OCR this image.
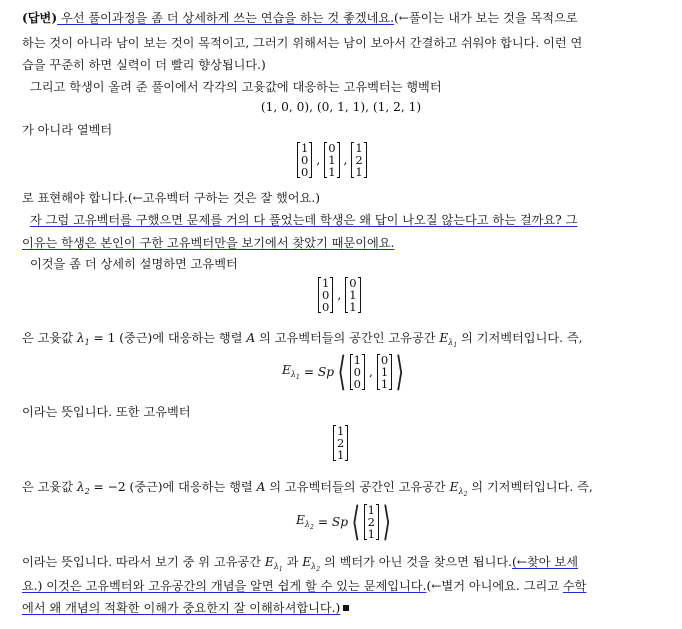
(답변) 우선 풀이과정을 좀 더 상세하게 쓰는 연습을 하는 것 좋겠네요.(←풀이는 내가 보는 것을 목적으로
하는 것이 아니라 남이 보는 것이 목적이고, 그러기 위해서는 남이 보아서 간결하고 쉬워야 합니다. 이런 연
습을 꾸준히 하면 실력이 더 빨리 향상됩니다.)
그리고 학생이 올려 준 풀이에서 각각의 고윳값에 대응하는 고유벡터는 행벡터
(1, 0, 0), (0, 1, 1), (1, 2, 1)
가 아니라 열벡터
1
0
0
,
0
1
1
,
1
2
1
로 표현해야 합니다.(←고유벡터 구하는 것은 잘 했어요.)
자 그럼 고유벡터를 구했으면 문제를 거의 다 풀었는데 학생은 왜 답이 나오질 않는다고 하는 걸까요? 그
이유는 학생은 본인이 구한 고유벡터만을 보기에서 찾았기 때문이에요.
이것을 좀 더 상세히 설명하면 고유벡터
1
0
0
,
0
1
1
은 고윳값 $\lambda_1 = 1$ (중근)에 대응하는 행렬 A 의 고유벡터들의 공간인 고유공간 $E_{\lambda_1}$ 의 기저벡터입니다. 즉,
$E_{\lambda_1} = Sp$ ⟨ 1
0
0
,
0
1
1 ⟩
이라는 뜻입니다. 또한 고유벡터
1
2
1
은 고윳값 $\lambda_2 = -2$ (중근)에 대응하는 행렬 A 의 고유벡터들의 공간인 고유공간 $E_{\lambda_2}$ 의 기저벡터입니다. 즉,
$E_{\lambda_2} = Sp$ ⟨ 1
2
1 ⟩
이라는 뜻입니다. 따라서 보기 중 위 고유공간 $E_{\lambda_1}$ 과 $E_{\lambda_2}$ 의 벡터가 아닌 것을 찾으면 됩니다.(←찾아 보세
요.) 이것은 고유벡터와 고유공간의 개념을 알면 쉽게 할 수 있는 문제입니다.(←별거 아니에요. 그리고 수학
에서 왜 개념의 적확한 이해가 중요한지 잘 이해하셔합니다.)
